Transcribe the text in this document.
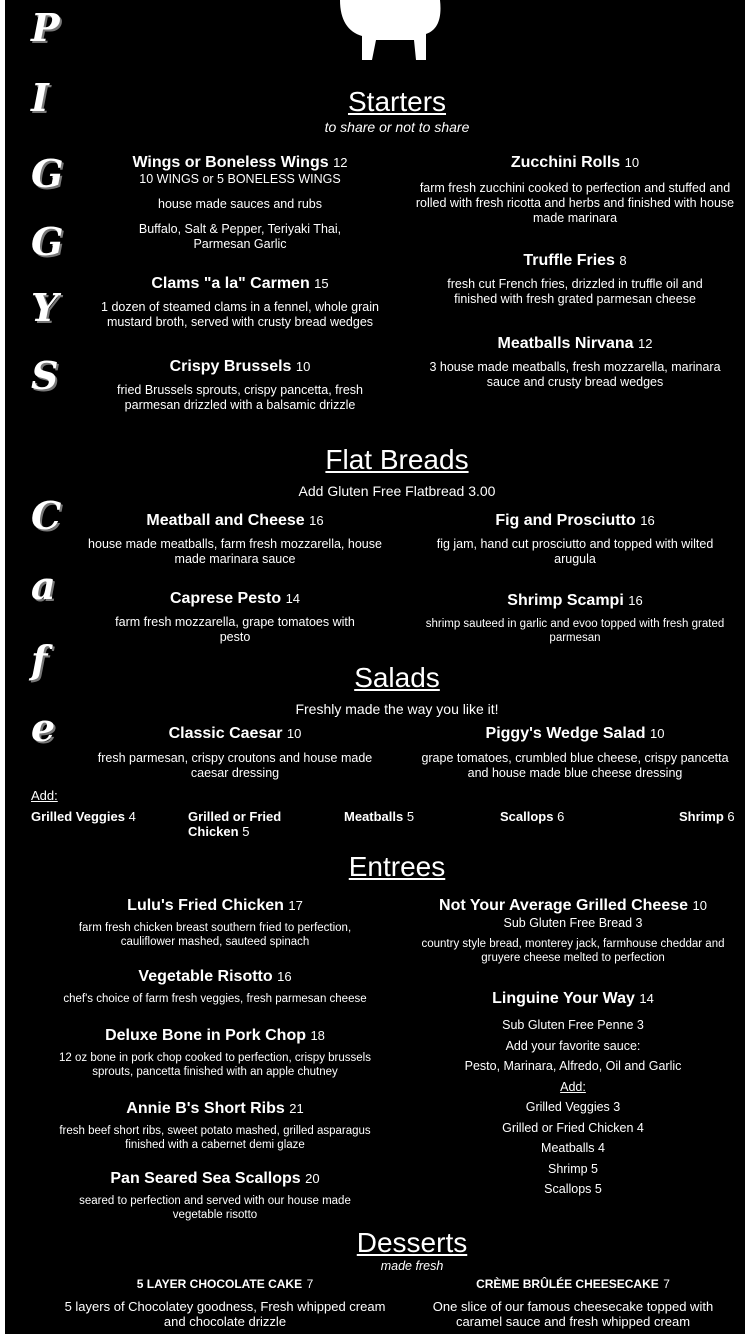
P
I
G
G
Y
S
C
a
f
e
Starters
to share or not to share
Wings or Boneless Wings 12
10 WINGS or 5 BONELESS WINGS
house made sauces and rubs
Buffalo, Salt & Pepper, Teriyaki Thai, Parmesan Garlic
Clams "a la" Carmen 15
1 dozen of steamed clams in a fennel, whole grain mustard broth, served with crusty bread wedges
Crispy Brussels 10
fried Brussels sprouts, crispy pancetta, fresh parmesan drizzled with a balsamic drizzle
Zucchini Rolls 10
farm fresh zucchini cooked to perfection and stuffed and rolled with fresh ricotta and herbs and finished with house made marinara
Truffle Fries 8
fresh cut French fries, drizzled in truffle oil and finished with fresh grated parmesan cheese
Meatballs Nirvana 12
3 house made meatballs, fresh mozzarella, marinara sauce and crusty bread wedges
Flat Breads
Add Gluten Free Flatbread 3.00
Meatball and Cheese 16
house made meatballs, farm fresh mozzarella, house made marinara sauce
Caprese Pesto 14
farm fresh mozzarella, grape tomatoes with pesto
Fig and Prosciutto 16
fig jam, hand cut prosciutto and topped with wilted arugula
Shrimp Scampi 16
shrimp sauteed in garlic and evoo topped with fresh grated parmesan
Salads
Freshly made the way you like it!
Classic Caesar 10
fresh parmesan, crispy croutons and house made caesar dressing
Piggy's Wedge Salad 10
grape tomatoes, crumbled blue cheese, crispy pancetta and house made blue cheese dressing
Add:
Grilled Veggies 4	Grilled or Fried Chicken 5
Meatballs 5	Scallops 6	Shrimp 6
Entrees
Lulu's Fried Chicken 17
farm fresh chicken breast southern fried to perfection, cauliflower mashed, sauteed spinach
Vegetable Risotto 16
chef's choice of farm fresh veggies, fresh parmesan cheese
Deluxe Bone in Pork Chop 18
12 oz bone in pork chop cooked to perfection, crispy brussels sprouts, pancetta finished with an apple chutney
Annie B's Short Ribs 21
fresh beef short ribs, sweet potato mashed, grilled asparagus finished with a cabernet demi glaze
Pan Seared Sea Scallops 20
seared to perfection and served with our house made vegetable risotto
Not Your Average Grilled Cheese 10
Sub Gluten Free Bread 3
country style bread, monterey jack, farmhouse cheddar and gruyere cheese melted to perfection
Linguine Your Way 14
Sub Gluten Free Penne 3
Add your favorite sauce:
Pesto, Marinara, Alfredo, Oil and Garlic
Add:
Grilled Veggies 3
Grilled or Fried Chicken 4
Meatballs 4
Shrimp 5
Scallops 5
Desserts
made fresh
5 LAYER CHOCOLATE CAKE 7
5 layers of Chocolatey goodness, Fresh whipped cream and chocolate drizzle
CRÈME BRÛLÉE CHEESECAKE 7
One slice of our famous cheesecake topped with caramel sauce and fresh whipped cream
